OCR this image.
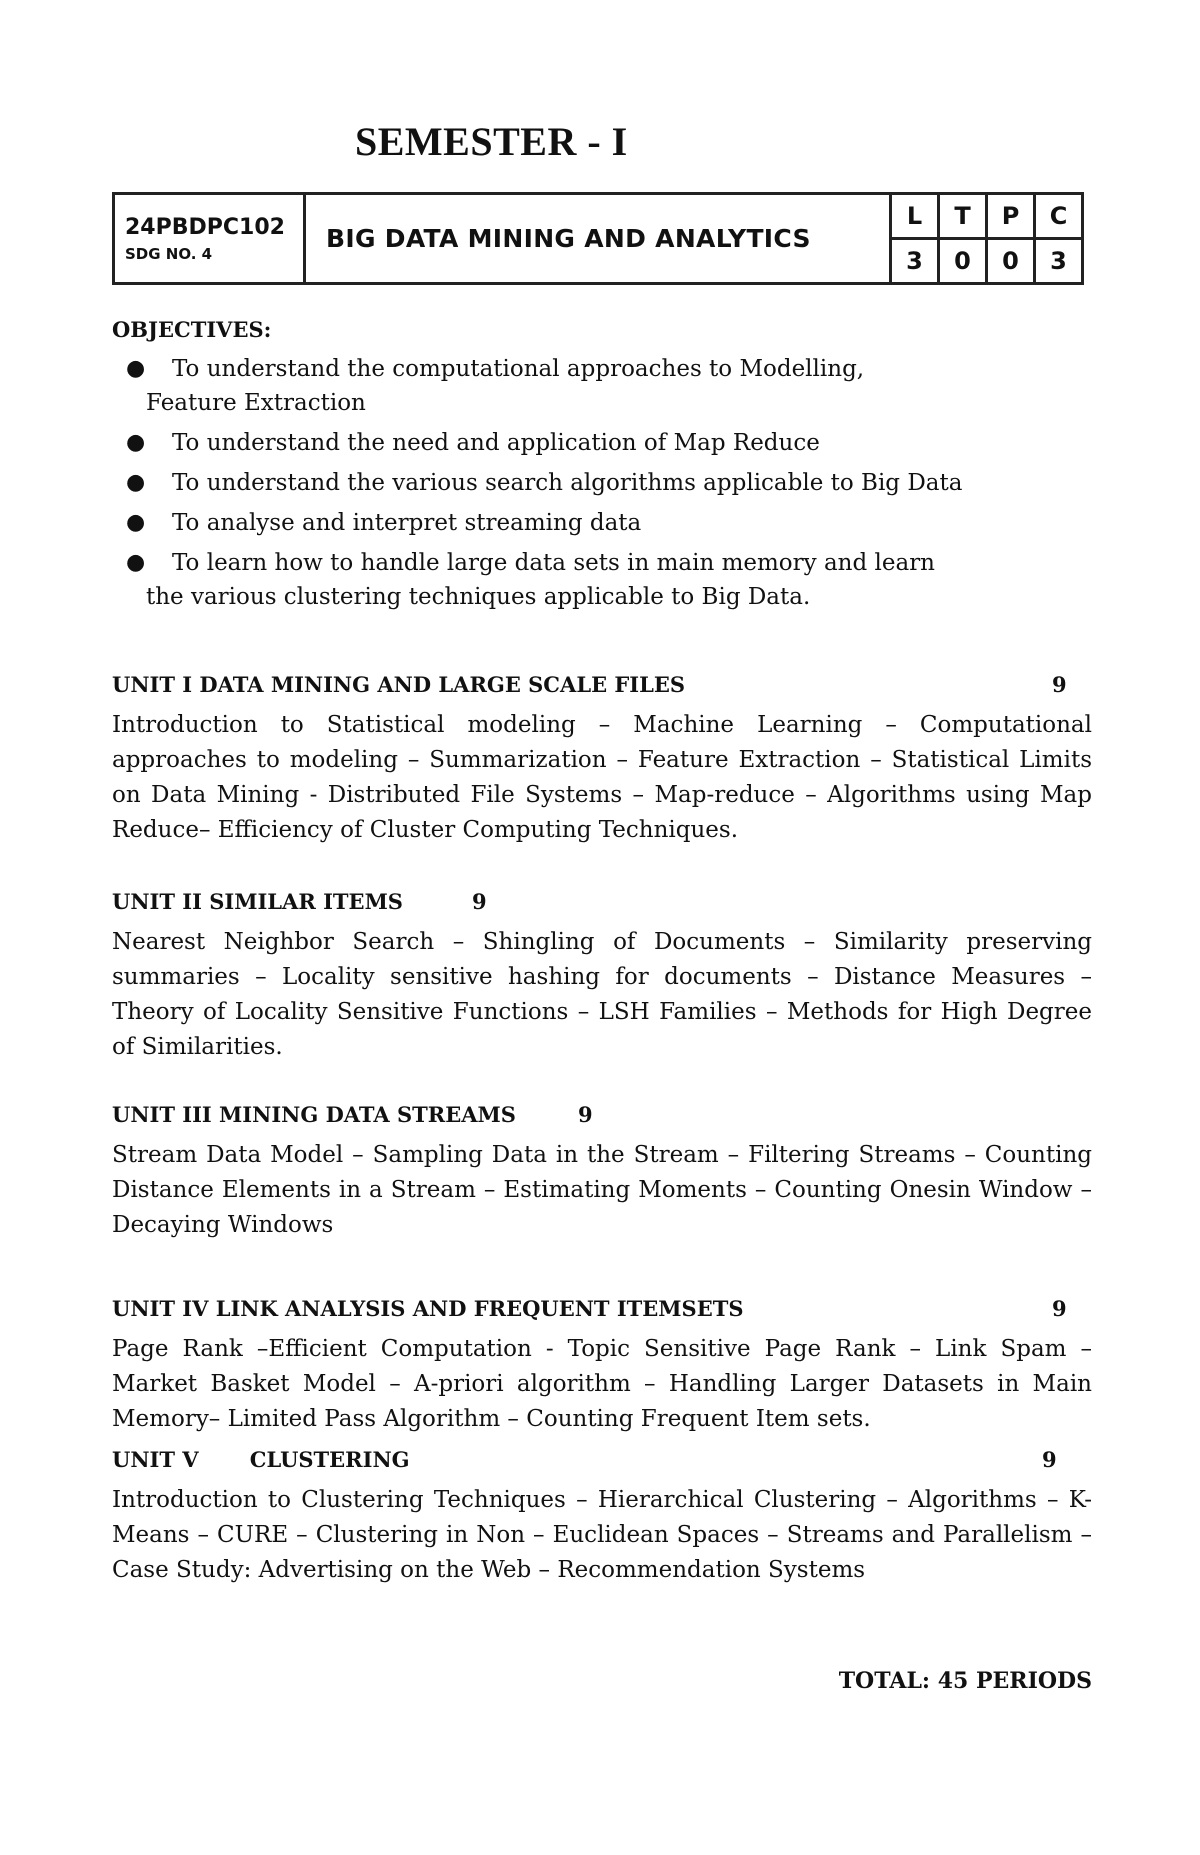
SEMESTER - I
24PBDPC102
SDG NO. 4	BIG DATA MINING AND ANALYTICS	L	T	P	C
		3	0	0	3
OBJECTIVES:
● To understand the computational approaches to Modelling,
Feature Extraction
● To understand the need and application of Map Reduce
● To understand the various search algorithms applicable to Big Data
● To analyse and interpret streaming data
● To learn how to handle large data sets in main memory and learn
the various clustering techniques applicable to Big Data.
UNIT I DATA MINING AND LARGE SCALE FILES	9
Introduction to Statistical modeling – Machine Learning – Computational approaches to modeling – Summarization – Feature Extraction – Statistical Limits on Data Mining - Distributed File Systems – Map-reduce – Algorithms using Map Reduce– Efficiency of Cluster Computing Techniques.
UNIT II SIMILAR ITEMS	9
Nearest Neighbor Search – Shingling of Documents – Similarity preserving summaries – Locality sensitive hashing for documents – Distance Measures – Theory of Locality Sensitive Functions – LSH Families – Methods for High Degree of Similarities.
UNIT III MINING DATA STREAMS	9
Stream Data Model – Sampling Data in the Stream – Filtering Streams – Counting Distance Elements in a Stream – Estimating Moments – Counting Onesin Window – Decaying Windows
UNIT IV LINK ANALYSIS AND FREQUENT ITEMSETS	9
Page Rank –Efficient Computation - Topic Sensitive Page Rank – Link Spam – Market Basket Model – A-priori algorithm – Handling Larger Datasets in Main Memory– Limited Pass Algorithm – Counting Frequent Item sets.
UNIT V       CLUSTERING	9
Introduction to Clustering Techniques – Hierarchical Clustering – Algorithms – K-Means – CURE – Clustering in Non – Euclidean Spaces – Streams and Parallelism – Case Study: Advertising on the Web – Recommendation Systems
TOTAL: 45 PERIODS
